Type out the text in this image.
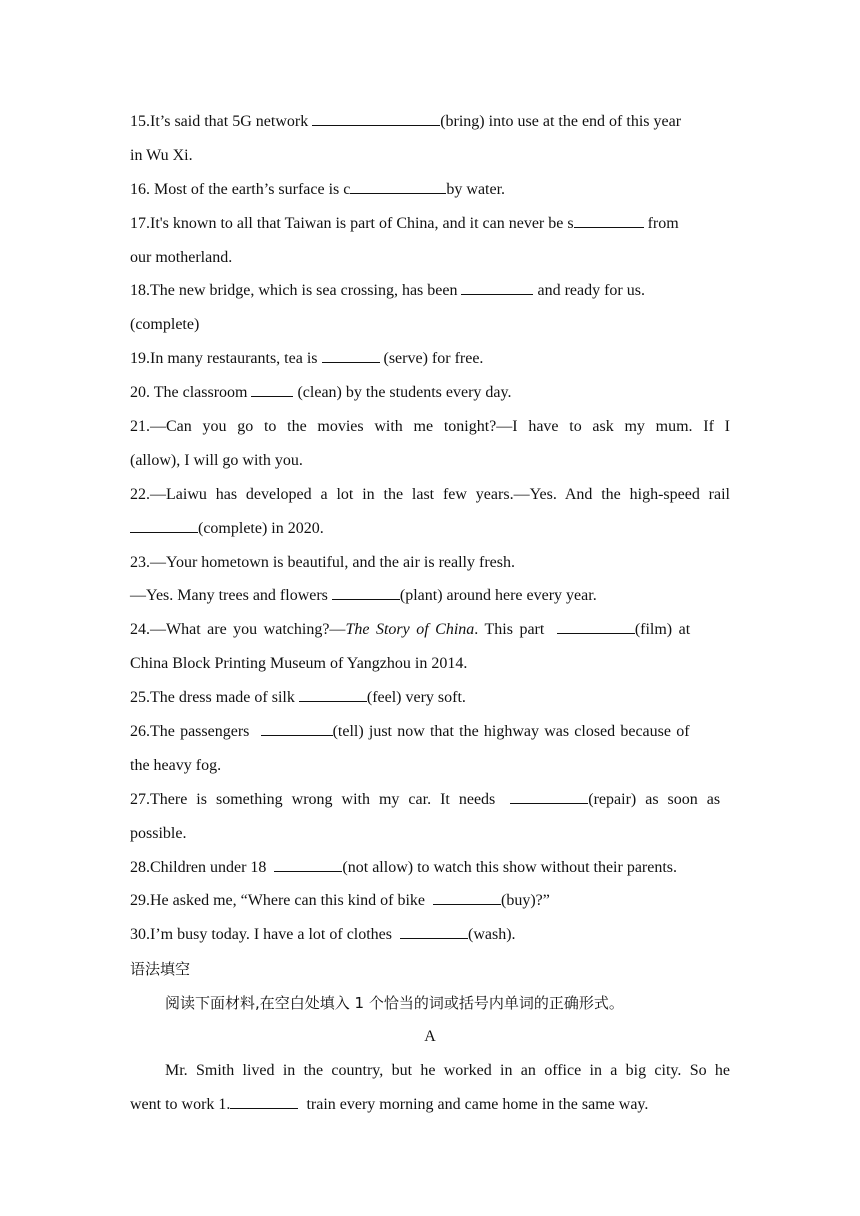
15.It’s said that 5G network	(bring) into use at the end of this year
in Wu Xi.
16. Most of the earth’s surface is c	by water.
17.It's known to all that Taiwan is part of China, and it can never be s	from
our motherland.
18.The new bridge, which is sea crossing, has been	and ready for us.
(complete)
19.In many restaurants, tea is	(serve) for free.
20. The classroom	(clean) by the students every day.
21.—Can you go to the movies with me tonight?—I have to ask my mum. If I
(allow), I will go with you.
22.—Laiwu has developed a lot in the last few years.—Yes. And the high-speed rail
(complete) in 2020.
23.—Your hometown is beautiful, and the air is really fresh.
—Yes. Many trees and flowers	(plant) around here every year.
24.—What are you watching?—The Story of China. This part	(film) at
China Block Printing Museum of Yangzhou in 2014.
25.The dress made of silk	(feel) very soft.
26.The passengers	(tell) just now that the highway was closed because of
the heavy fog.
27.There is something wrong with my car. It needs	(repair) as soon as
possible.
28.Children under 18	(not allow) to watch this show without their parents.
29.He asked me, “Where can this kind of bike	(buy)?”
30.I’m busy today. I have a lot of clothes	(wash).
语法填空
阅读下面材料,在空白处填入 1 个恰当的词或括号内单词的正确形式。
A
Mr. Smith lived in the country, but he worked in an office in a big city. So he
went to work 1.	train every morning and came home in the same way.
